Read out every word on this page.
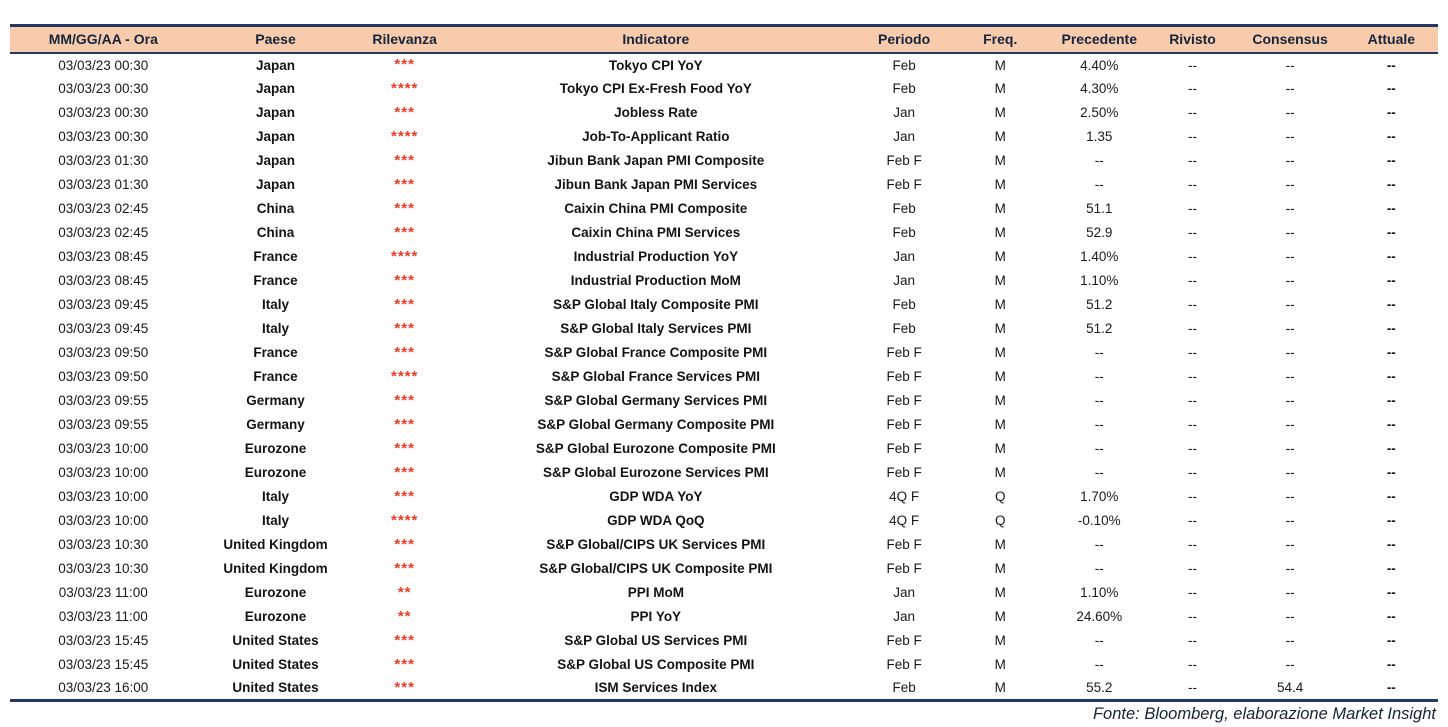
MM/GG/AA - Ora	Paese	Rilevanza	Indicatore	Periodo	Freq.	Precedente	Rivisto	Consensus	Attuale
03/03/23 00:30	Japan	***	Tokyo CPI YoY	Feb	M	4.40%	--	--	--
03/03/23 00:30	Japan	****	Tokyo CPI Ex-Fresh Food YoY	Feb	M	4.30%	--	--	--
03/03/23 00:30	Japan	***	Jobless Rate	Jan	M	2.50%	--	--	--
03/03/23 00:30	Japan	****	Job-To-Applicant Ratio	Jan	M	1.35	--	--	--
03/03/23 01:30	Japan	***	Jibun Bank Japan PMI Composite	Feb F	M	--	--	--	--
03/03/23 01:30	Japan	***	Jibun Bank Japan PMI Services	Feb F	M	--	--	--	--
03/03/23 02:45	China	***	Caixin China PMI Composite	Feb	M	51.1	--	--	--
03/03/23 02:45	China	***	Caixin China PMI Services	Feb	M	52.9	--	--	--
03/03/23 08:45	France	****	Industrial Production YoY	Jan	M	1.40%	--	--	--
03/03/23 08:45	France	***	Industrial Production MoM	Jan	M	1.10%	--	--	--
03/03/23 09:45	Italy	***	S&P Global Italy Composite PMI	Feb	M	51.2	--	--	--
03/03/23 09:45	Italy	***	S&P Global Italy Services PMI	Feb	M	51.2	--	--	--
03/03/23 09:50	France	***	S&P Global France Composite PMI	Feb F	M	--	--	--	--
03/03/23 09:50	France	****	S&P Global France Services PMI	Feb F	M	--	--	--	--
03/03/23 09:55	Germany	***	S&P Global Germany Services PMI	Feb F	M	--	--	--	--
03/03/23 09:55	Germany	***	S&P Global Germany Composite PMI	Feb F	M	--	--	--	--
03/03/23 10:00	Eurozone	***	S&P Global Eurozone Composite PMI	Feb F	M	--	--	--	--
03/03/23 10:00	Eurozone	***	S&P Global Eurozone Services PMI	Feb F	M	--	--	--	--
03/03/23 10:00	Italy	***	GDP WDA YoY	4Q F	Q	1.70%	--	--	--
03/03/23 10:00	Italy	****	GDP WDA QoQ	4Q F	Q	-0.10%	--	--	--
03/03/23 10:30	United Kingdom	***	S&P Global/CIPS UK Services PMI	Feb F	M	--	--	--	--
03/03/23 10:30	United Kingdom	***	S&P Global/CIPS UK Composite PMI	Feb F	M	--	--	--	--
03/03/23 11:00	Eurozone	**	PPI MoM	Jan	M	1.10%	--	--	--
03/03/23 11:00	Eurozone	**	PPI YoY	Jan	M	24.60%	--	--	--
03/03/23 15:45	United States	***	S&P Global US Services PMI	Feb F	M	--	--	--	--
03/03/23 15:45	United States	***	S&P Global US Composite PMI	Feb F	M	--	--	--	--
03/03/23 16:00	United States	***	ISM Services Index	Feb	M	55.2	--	54.4	--
Fonte: Bloomberg, elaborazione Market Insight
